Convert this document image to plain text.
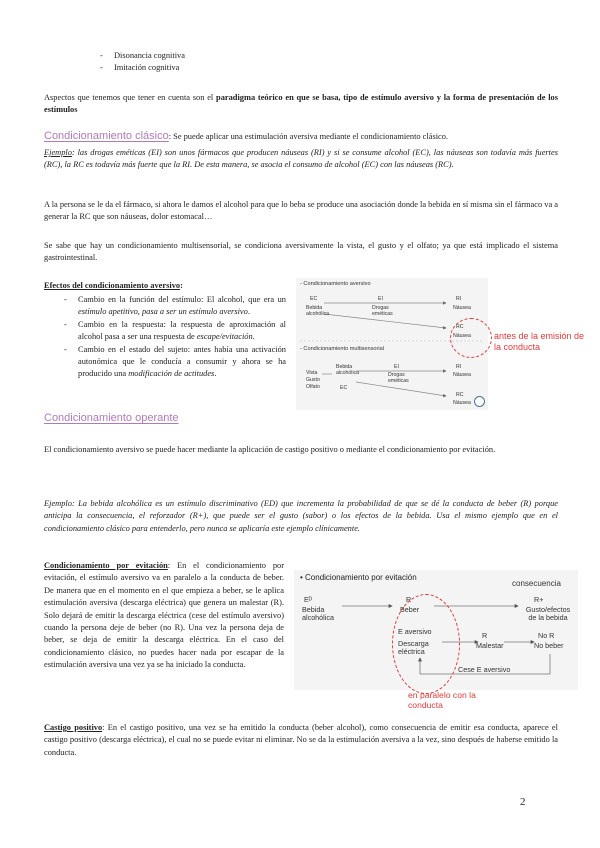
- Disonancia cognitiva
- Imitación cognitiva

Aspectos que tenemos que tener en cuenta son el paradigma teórico en que se basa, tipo de estímulo aversivo y la forma de presentación de los estímulos

Condicionamiento clásico: Se puede aplicar una estimulación aversiva mediante el condicionamiento clásico.

Ejemplo: las drogas eméticas (EI) son unos fármacos que producen náuseas (RI) y si se consume alcohol (EC), las náuseas son todavía más fuertes (RC), la RC es todavía más fuerte que la RI. De esta manera, se asocia el consumo de alcohol (EC) con las náuseas (RC).

A la persona se le da el fármaco, si ahora le damos el alcohol para que lo beba se produce una asociación donde la bebida en sí misma sin el fármaco va a generar la RC que son náuseas, dolor estomacal…

Se sabe que hay un condicionamiento multisensorial, se condiciona aversivamente la vista, el gusto y el olfato; ya que está implicado el sistema gastrointestinal.

Efectos del condicionamiento aversivo:

- Cambio en la función del estímulo: El alcohol, que era un estímulo apetitivo, pasa a ser un estímulo aversivo.
- Cambio en la respuesta: la respuesta de aproximación al alcohol pasa a ser una respuesta de escape/evitación.
- Cambio en el estado del sujeto: antes había una activación autonómica que le conducía a consumir y ahora se ha producido una modificación de actitudes.
- Condicionamiento aversivo
EC
Bebida alcohólica
EI
Drogas eméticas
RI
Náusea
RC
Náusea
- Condicionamiento multisensorial
Vista
Gusto
Olfato
Bebida alcohólica
EC
EI
Drogas eméticas
RI
Náusea
RC
Náusea
antes de la emisión de la conducta

Condicionamiento operante

El condicionamiento aversivo se puede hacer mediante la aplicación de castigo positivo o mediante el condicionamiento por evitación.

Ejemplo: La bebida alcohólica es un estímulo discriminativo (ED) que incrementa la probabilidad de que se dé la conducta de beber (R) porque anticipa la consecuencia, el reforzador (R+), que puede ser el gusto (sabor) o los efectos de la bebida. Usa el mismo ejemplo que en el condicionamiento clásico para entenderlo, pero nunca se aplicaría este ejemplo clínicamente.

Condicionamiento por evitación: En el condicionamiento por evitación, el estímulo aversivo va en paralelo a la conducta de beber. De manera que en el momento en el que empieza a beber, se le aplica estimulación aversiva (descarga eléctrica) que genera un malestar (R). Solo dejará de emitir la descarga eléctrica (cese del estímulo aversivo) cuando la persona deje de beber (no R). Una vez la persona deja de beber, se deja de emitir la descarga eléctrica. En el caso del condicionamiento clásico, no puedes hacer nada por escapar de la estimulación aversiva una vez ya se ha iniciado la conducta.

• Condicionamiento por evitación
consecuencia
Eᴰ
Bebida alcohólica
R
Beber
R+
Gusto/efectos de la bebida
E aversivo
Descarga eléctrica
R
Malestar
No R
No beber
Cese E aversivo
en paralelo con la conducta

Castigo positivo: En el castigo positivo, una vez se ha emitido la conducta (beber alcohol), como consecuencia de emitir esa conducta, aparece el castigo positivo (descarga eléctrica), el cual no se puede evitar ni eliminar. No se da la estimulación aversiva a la vez, sino después de haberse emitido la conducta.

2
